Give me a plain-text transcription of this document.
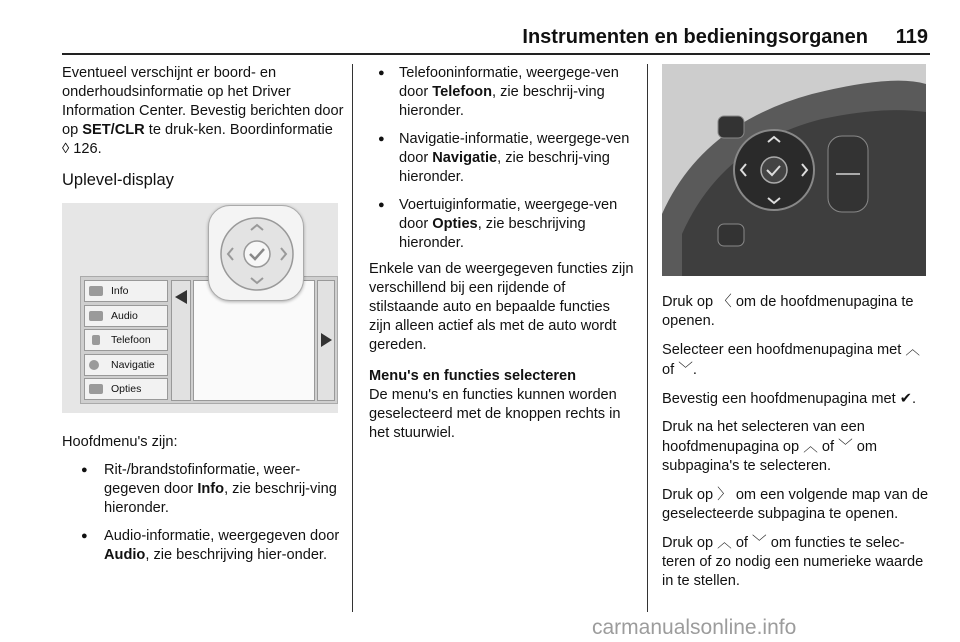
Instrumenten en bedieningsorganen 119

Eventueel verschijnt er boord- en onderhoudsinformatie op het Driver Information Center. Bevestig berichten door op SET/CLR te druk-ken. Boordinformatie ◊ 126.

Uplevel-display
Info
Audio
Telefoon
Navigatie
Opties

Hoofdmenu's zijn:

● Rit-/brandstofinformatie, weer-gegeven door Info, zie beschrij-ving hieronder.
● Audio-informatie, weergegeven door Audio, zie beschrijving hier-onder.
● Telefooninformatie, weergege-ven door Telefoon, zie beschrij-ving hieronder.
● Navigatie-informatie, weergege-ven door Navigatie, zie beschrij-ving hieronder.
● Voertuiginformatie, weergege-ven door Opties, zie beschrijving hieronder.

Enkele van de weergegeven functies zijn verschillend bij een rijdende of stilstaande auto en bepaalde functies zijn alleen actief als met de auto wordt gereden.

Menu's en functies selecteren

De menu's en functies kunnen worden geselecteerd met de knoppen rechts in het stuurwiel.

Druk op 〈 om de hoofdmenupagina te openen.

Selecteer een hoofdmenupagina met ︿ of ﹀.

Bevestig een hoofdmenupagina met ✔.

Druk na het selecteren van een hoofdmenupagina op ︿ of ﹀ om subpagina's te selecteren.

Druk op 〉 om een volgende map van de geselecteerde subpagina te openen.

Druk op ︿ of ﹀ om functies te selec-teren of zo nodig een numerieke waarde in te stellen.

carmanualsonline.info
